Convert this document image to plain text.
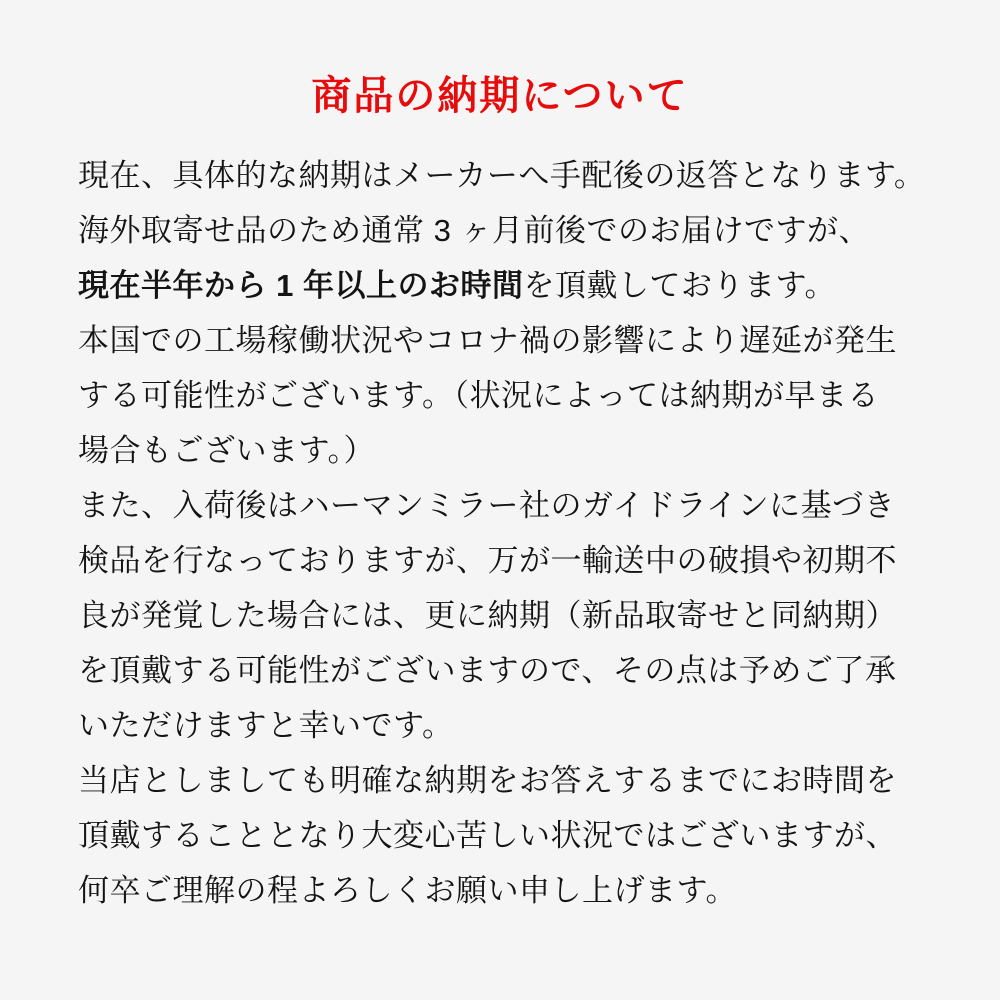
商品の納期について
現在、具体的な納期はメーカーへ手配後の返答となります。
海外取寄せ品のため通常 3 ヶ月前後でのお届けですが、
現在半年から 1 年以上のお時間を頂戴しております。
本国での工場稼働状況やコロナ禍の影響により遅延が発生
する可能性がございます。（状況によっては納期が早まる
場合もございます。）
また、入荷後はハーマンミラー社のガイドラインに基づき
検品を行なっておりますが、万が一輸送中の破損や初期不
良が発覚した場合には、更に納期（新品取寄せと同納期）
を頂戴する可能性がございますので、その点は予めご了承
いただけますと幸いです。
当店としましても明確な納期をお答えするまでにお時間を
頂戴することとなり大変心苦しい状況ではございますが、
何卒ご理解の程よろしくお願い申し上げます。
